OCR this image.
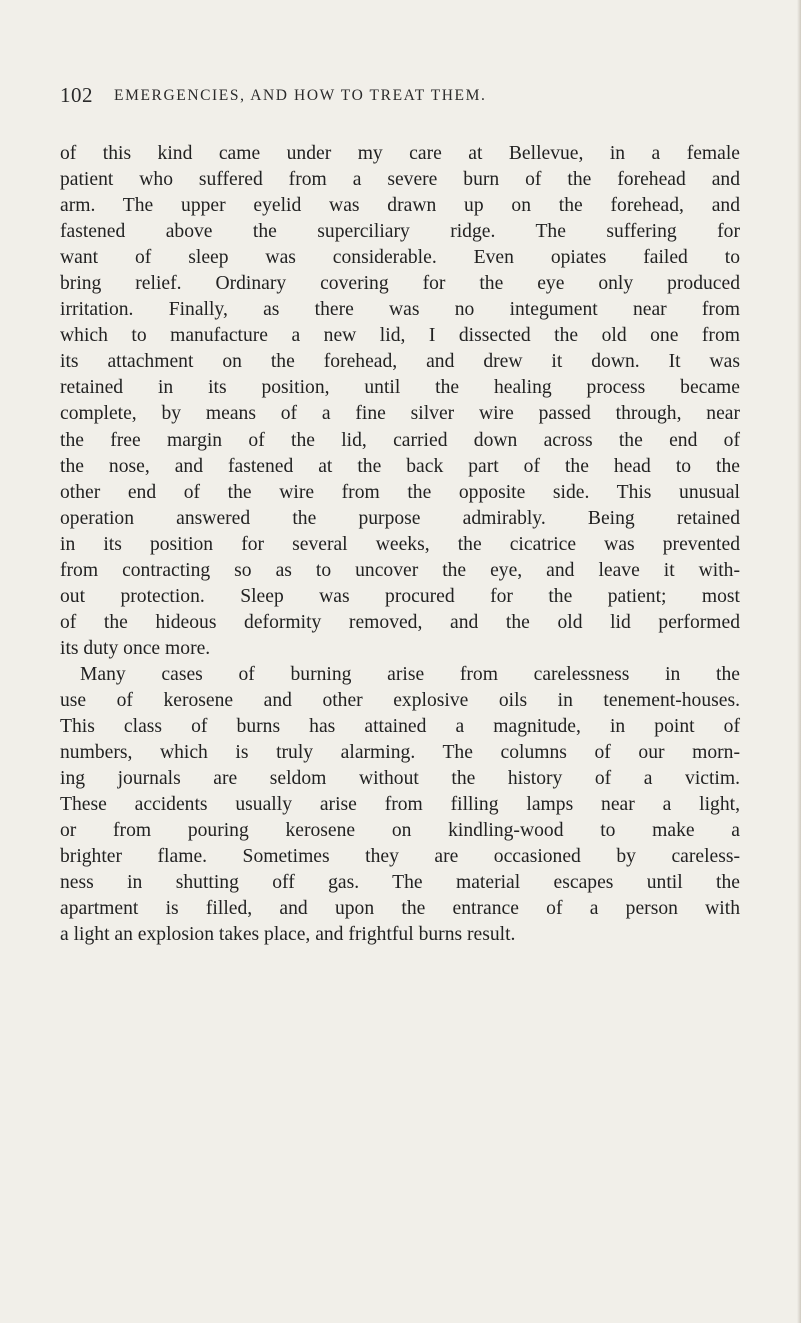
102 EMERGENCIES, AND HOW TO TREAT THEM.
of this kind came under my care at Bellevue, in a female
patient who suffered from a severe burn of the forehead and
arm. The upper eyelid was drawn up on the forehead, and
fastened above the superciliary ridge. The suffering for
want of sleep was considerable. Even opiates failed to
bring relief. Ordinary covering for the eye only produced
irritation. Finally, as there was no integument near from
which to manufacture a new lid, I dissected the old one from
its attachment on the forehead, and drew it down. It was
retained in its position, until the healing process became
complete, by means of a fine silver wire passed through, near
the free margin of the lid, carried down across the end of
the nose, and fastened at the back part of the head to the
other end of the wire from the opposite side. This unusual
operation answered the purpose admirably. Being retained
in its position for several weeks, the cicatrice was prevented
from contracting so as to uncover the eye, and leave it with-
out protection. Sleep was procured for the patient; most
of the hideous deformity removed, and the old lid performed
its duty once more.
Many cases of burning arise from carelessness in the
use of kerosene and other explosive oils in tenement-houses.
This class of burns has attained a magnitude, in point of
numbers, which is truly alarming. The columns of our morn-
ing journals are seldom without the history of a victim.
These accidents usually arise from filling lamps near a light,
or from pouring kerosene on kindling-wood to make a
brighter flame. Sometimes they are occasioned by careless-
ness in shutting off gas. The material escapes until the
apartment is filled, and upon the entrance of a person with
a light an explosion takes place, and frightful burns result.
